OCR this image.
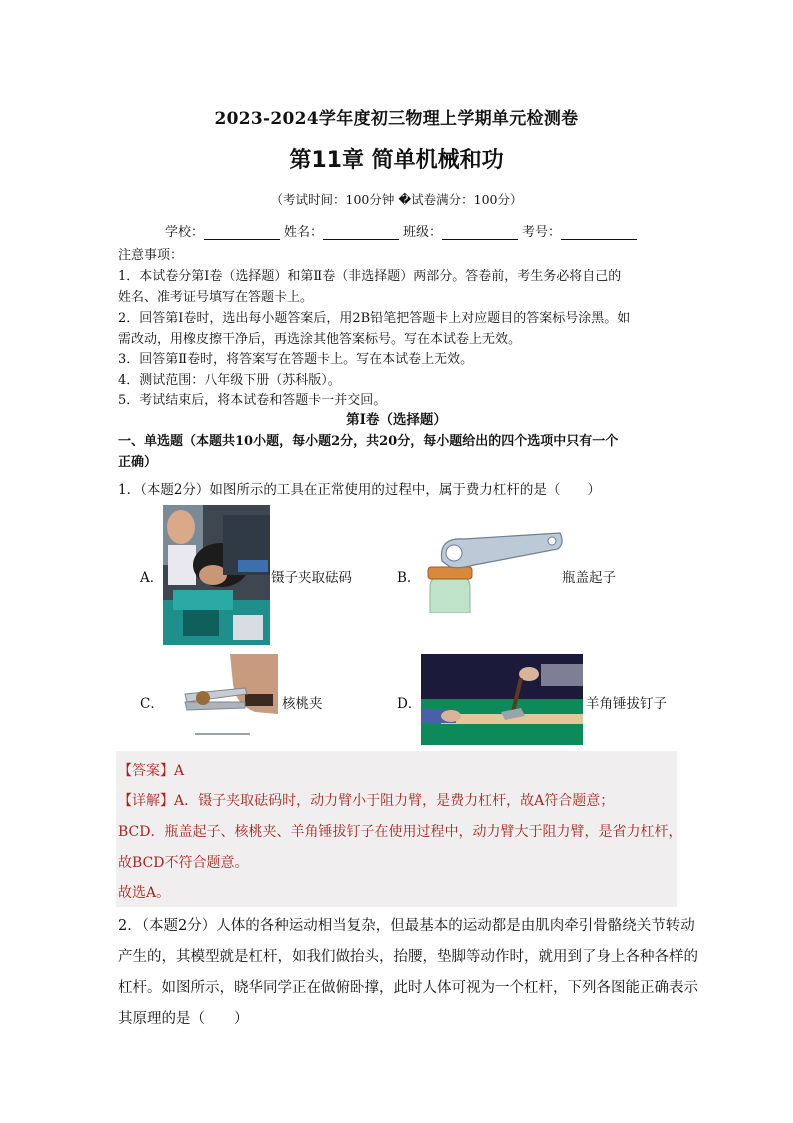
2023-2024学年度初三物理上学期单元检测卷
第11章 简单机械和功
（考试时间：100分钟 �试卷满分：100分）
学校：	姓名：	班级：	考号：
注意事项：
1．本试卷分第Ⅰ卷（选择题）和第Ⅱ卷（非选择题）两部分。答卷前，考生务必将自己的
姓名、准考证号填写在答题卡上。
2．回答第Ⅰ卷时，选出每小题答案后，用2B铅笔把答题卡上对应题目的答案标号涂黑。如
需改动，用橡皮擦干净后，再选涂其他答案标号。写在本试卷上无效。
3．回答第Ⅱ卷时，将答案写在答题卡上。写在本试卷上无效。
4．测试范围：八年级下册（苏科版）。
5．考试结束后，将本试卷和答题卡一并交回。
第Ⅰ卷（选择题）
一、单选题（本题共10小题，每小题2分，共20分，每小题给出的四个选项中只有一个
正确）
1．（本题2分）如图所示的工具在正常使用的过程中，属于费力杠杆的是（　　）
A．	镊子夹取砝码	B．	瓶盖起子
C．	核桃夹	D．	羊角锤拔钉子
【答案】A
【详解】A．镊子夹取砝码时，动力臂小于阻力臂，是费力杠杆，故A符合题意；
BCD．瓶盖起子、核桃夹、羊角锤拔钉子在使用过程中，动力臂大于阻力臂，是省力杠杆，
故BCD不符合题意。
故选A。
2．（本题2分）人体的各种运动相当复杂，但最基本的运动都是由肌肉牵引骨骼绕关节转动
产生的，其模型就是杠杆，如我们做抬头，抬腰，垫脚等动作时，就用到了身上各种各样的
杠杆。如图所示，晓华同学正在做俯卧撑，此时人体可视为一个杠杆，下列各图能正确表示
其原理的是（　　）
